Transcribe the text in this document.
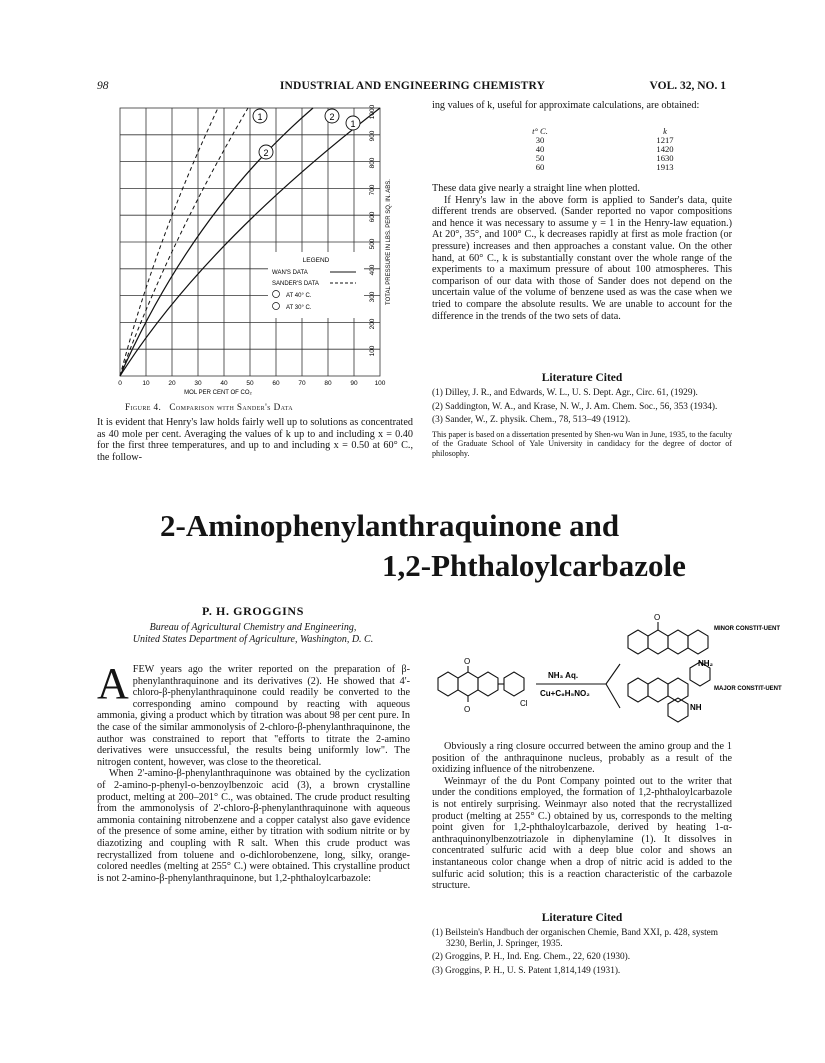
98	INDUSTRIAL AND ENGINEERING CHEMISTRY	VOL. 32, NO. 1
1	2
1
2
LEGEND
WAN'S DATA
SANDER'S DATA
AT 40° C.
AT 30° C.
0	10	20	30	40	50	60	70	80	90	100
MOL PER CENT OF CO₂
100
200
300
400
500
600
700
800
900
1000
TOTAL PRESSURE IN LBS. PER SQ. IN. ABS.
Figure 4. Comparison with Sander's Data

It is evident that Henry's law holds fairly well up to solutions as concentrated as 40 mole per cent. Averaging the values of k up to and including x = 0.40 for the first three temperatures, and up to and including x = 0.50 at 60° C., the follow-

ing values of k, useful for approximate calculations, are obtained:

t° C.		k
30		1217
40		1420
50		1630
60		1913

These data give nearly a straight line when plotted.

If Henry's law in the above form is applied to Sander's data, quite different trends are observed. (Sander reported no vapor compositions and hence it was necessary to assume y = 1 in the Henry-law equation.) At 20°, 35°, and 100° C., k decreases rapidly at first as mole fraction (or pressure) increases and then approaches a constant value. On the other hand, at 60° C., k is substantially constant over the whole range of the experiments to a maximum pressure of about 100 atmospheres. This comparison of our data with those of Sander does not depend on the uncertain value of the volume of benzene used as was the case when we tried to compare the absolute results. We are unable to account for the difference in the trends of the two sets of data.

Literature Cited
(1) Dilley, J. R., and Edwards, W. L., U. S. Dept. Agr., Circ. 61, (1929).
(2) Saddington, W. A., and Krase, N. W., J. Am. Chem. Soc., 56, 353 (1934).
(3) Sander, W., Z. physik. Chem., 78, 513–49 (1912).
This paper is based on a dissertation presented by Shen-wu Wan in June, 1935, to the faculty of the Graduate School of Yale University in candidacy for the degree of doctor of philosophy.
2-Aminophenylanthraquinone and
1,2-Phthaloylcarbazole
P. H. GROGGINS
Bureau of Agricultural Chemistry and Engineering,
United States Department of Agriculture, Washington, D. C.

AFEW years ago the writer reported on the preparation of β-phenylanthraquinone and its derivatives (2). He showed that 4'-chloro-β-phenylanthraquinone could readily be converted to the corresponding amino compound by reacting with aqueous ammonia, giving a product which by titration was about 98 per cent pure. In the case of the similar ammonolysis of 2-chloro-β-phenylanthraquinone, the author was constrained to report that "efforts to titrate the 2-amino derivatives were unsuccessful, the results being uniformly low". The nitrogen content, however, was close to the theoretical.

When 2'-amino-β-phenylanthraquinone was obtained by the cyclization of 2-amino-p-phenyl-o-benzoylbenzoic acid (3), a brown crystalline product, melting at 200–201° C., was obtained. The crude product resulting from the ammonolysis of 2'-chloro-β-phenylanthraquinone with aqueous ammonia containing nitrobenzene and a copper catalyst also gave evidence of the presence of some amine, either by titration with sodium nitrite or by diazotizing and coupling with R salt. When this crude product was recrystallized from toluene and o-dichlorobenzene, long, silky, orange-colored needles (melting at 255° C.) were obtained. This crystalline product is not 2-amino-β-phenylanthraquinone, but 1,2-phthaloylcarbazole:

O
O
Cl
NH₃ Aq.
Cu+C₆H₅NO₂
O
NH₂
MINOR CONSTIT-UENT
MAJOR CONSTIT-UENT
NH

Obviously a ring closure occurred between the amino group and the 1 position of the anthraquinone nucleus, probably as a result of the oxidizing influence of the nitrobenzene.

Weinmayr of the du Pont Company pointed out to the writer that under the conditions employed, the formation of 1,2-phthaloylcarbazole is not entirely surprising. Weinmayr also noted that the recrystallized product (melting at 255° C.) obtained by us, corresponds to the melting point given for 1,2-phthaloylcarbazole, derived by heating 1-α-anthraquinonylbenzotriazole in diphenylamine (1). It dissolves in concentrated sulfuric acid with a deep blue color and shows an instantaneous color change when a drop of nitric acid is added to the sulfuric acid solution; this is a reaction characteristic of the carbazole structure.

Literature Cited
(1) Beilstein's Handbuch der organischen Chemie, Band XXI, p. 428, system 3230, Berlin, J. Springer, 1935.
(2) Groggins, P. H., Ind. Eng. Chem., 22, 620 (1930).
(3) Groggins, P. H., U. S. Patent 1,814,149 (1931).
